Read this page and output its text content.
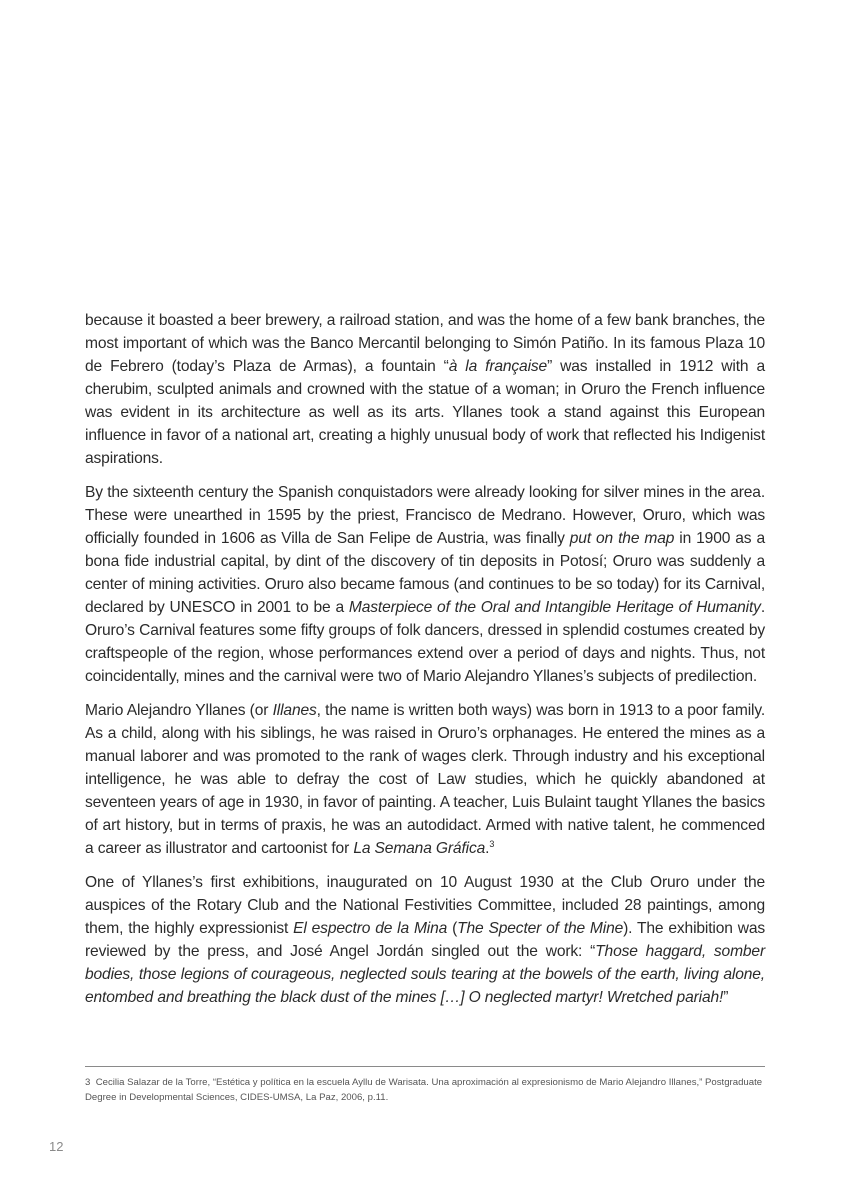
because it boasted a beer brewery, a railroad station, and was the home of a few bank branches, the most important of which was the Banco Mercantil belonging to Simón Patiño. In its famous Plaza 10 de Febrero (today’s Plaza de Armas), a fountain “à la française” was installed in 1912 with a cherubim, sculpted animals and crowned with the statue of a woman; in Oruro the French influence was evident in its architecture as well as its arts. Yllanes took a stand against this European influence in favor of a national art, creating a highly unusual body of work that reflected his Indigenist aspirations.

By the sixteenth century the Spanish conquistadors were already looking for silver mines in the area. These were unearthed in 1595 by the priest, Francisco de Medrano. However, Oruro, which was officially founded in 1606 as Villa de San Felipe de Austria, was finally put on the map in 1900 as a bona fide industrial capital, by dint of the discovery of tin deposits in Potosí; Oruro was suddenly a center of mining activities. Oruro also became famous (and continues to be so today) for its Carnival, declared by UNESCO in 2001 to be a Masterpiece of the Oral and Intangible Heritage of Humanity. Oruro’s Carnival features some fifty groups of folk dancers, dressed in splendid costumes created by craftspeople of the region, whose performances extend over a period of days and nights. Thus, not coincidentally, mines and the carnival were two of Mario Alejandro Yllanes’s subjects of predilection.

Mario Alejandro Yllanes (or Illanes, the name is written both ways) was born in 1913 to a poor family. As a child, along with his siblings, he was raised in Oruro’s orphanages. He entered the mines as a manual laborer and was promoted to the rank of wages clerk. Through industry and his exceptional intelligence, he was able to defray the cost of Law studies, which he quickly abandoned at seventeen years of age in 1930, in favor of painting. A teacher, Luis Bulaint taught Yllanes the basics of art history, but in terms of praxis, he was an autodidact. Armed with native talent, he commenced a career as illustrator and cartoonist for La Semana Gráfica.$^3$

One of Yllanes’s first exhibitions, inaugurated on 10 August 1930 at the Club Oruro under the auspices of the Rotary Club and the National Festivities Committee, included 28 paintings, among them, the highly expressionist El espectro de la Mina (The Specter of the Mine). The exhibition was reviewed by the press, and José Angel Jordán singled out the work: “Those haggard, somber bodies, those legions of courageous, neglected souls tearing at the bowels of the earth, living alone, entombed and breathing the black dust of the mines […] O neglected martyr! Wretched pariah!”

3 Cecilia Salazar de la Torre, “Estética y política en la escuela Ayllu de Warisata. Una aproximación al expresionismo de Mario Alejandro Illanes,” Postgraduate Degree in Developmental Sciences, CIDES-UMSA, La Paz, 2006, p.11.
12
